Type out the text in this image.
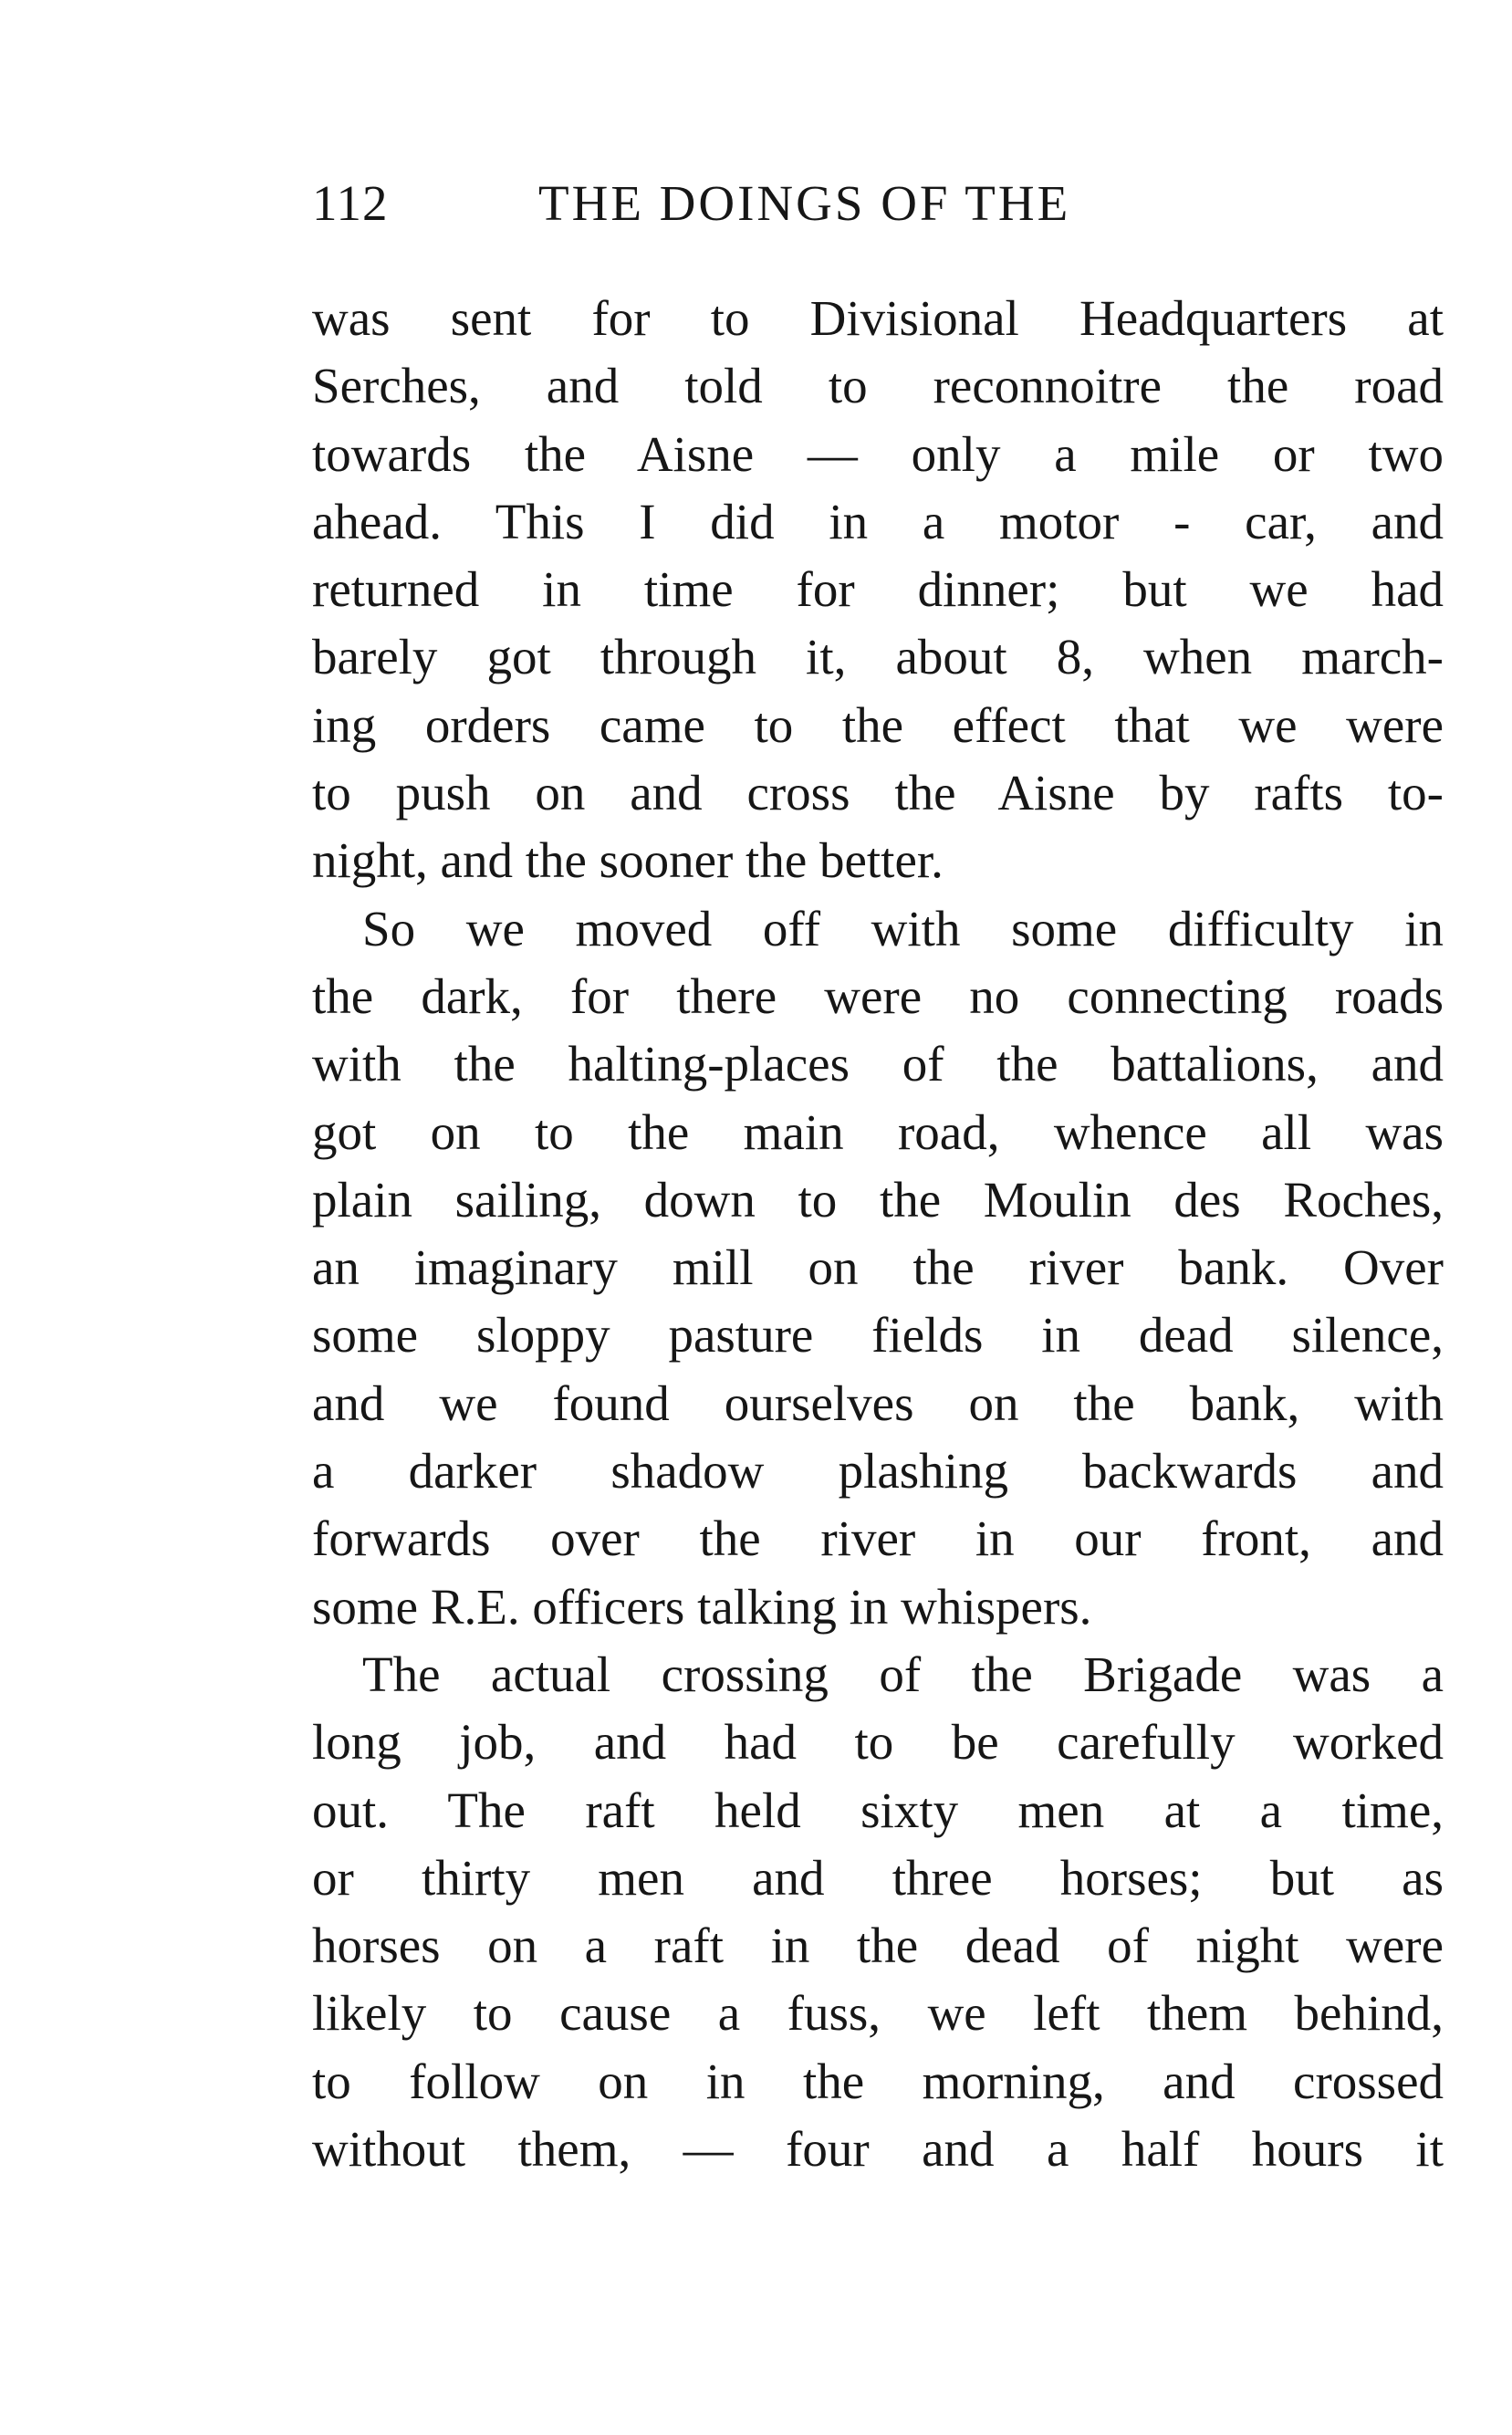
112	THE DOINGS OF THE
was sent for to Divisional Headquarters at
Serches, and told to reconnoitre the road
towards the Aisne — only a mile or two
ahead. This I did in a motor - car, and
returned in time for dinner; but we had
barely got through it, about 8, when march-
ing orders came to the effect that we were
to push on and cross the Aisne by rafts to-
night, and the sooner the better.
So we moved off with some difficulty in
the dark, for there were no connecting roads
with the halting-places of the battalions, and
got on to the main road, whence all was
plain sailing, down to the Moulin des Roches,
an imaginary mill on the river bank. Over
some sloppy pasture fields in dead silence,
and we found ourselves on the bank, with
a darker shadow plashing backwards and
forwards over the river in our front, and
some R.E. officers talking in whispers.
The actual crossing of the Brigade was a
long job, and had to be carefully worked
out. The raft held sixty men at a time,
or thirty men and three horses; but as
horses on a raft in the dead of night were
likely to cause a fuss, we left them behind,
to follow on in the morning, and crossed
without them, — four and a half hours it
